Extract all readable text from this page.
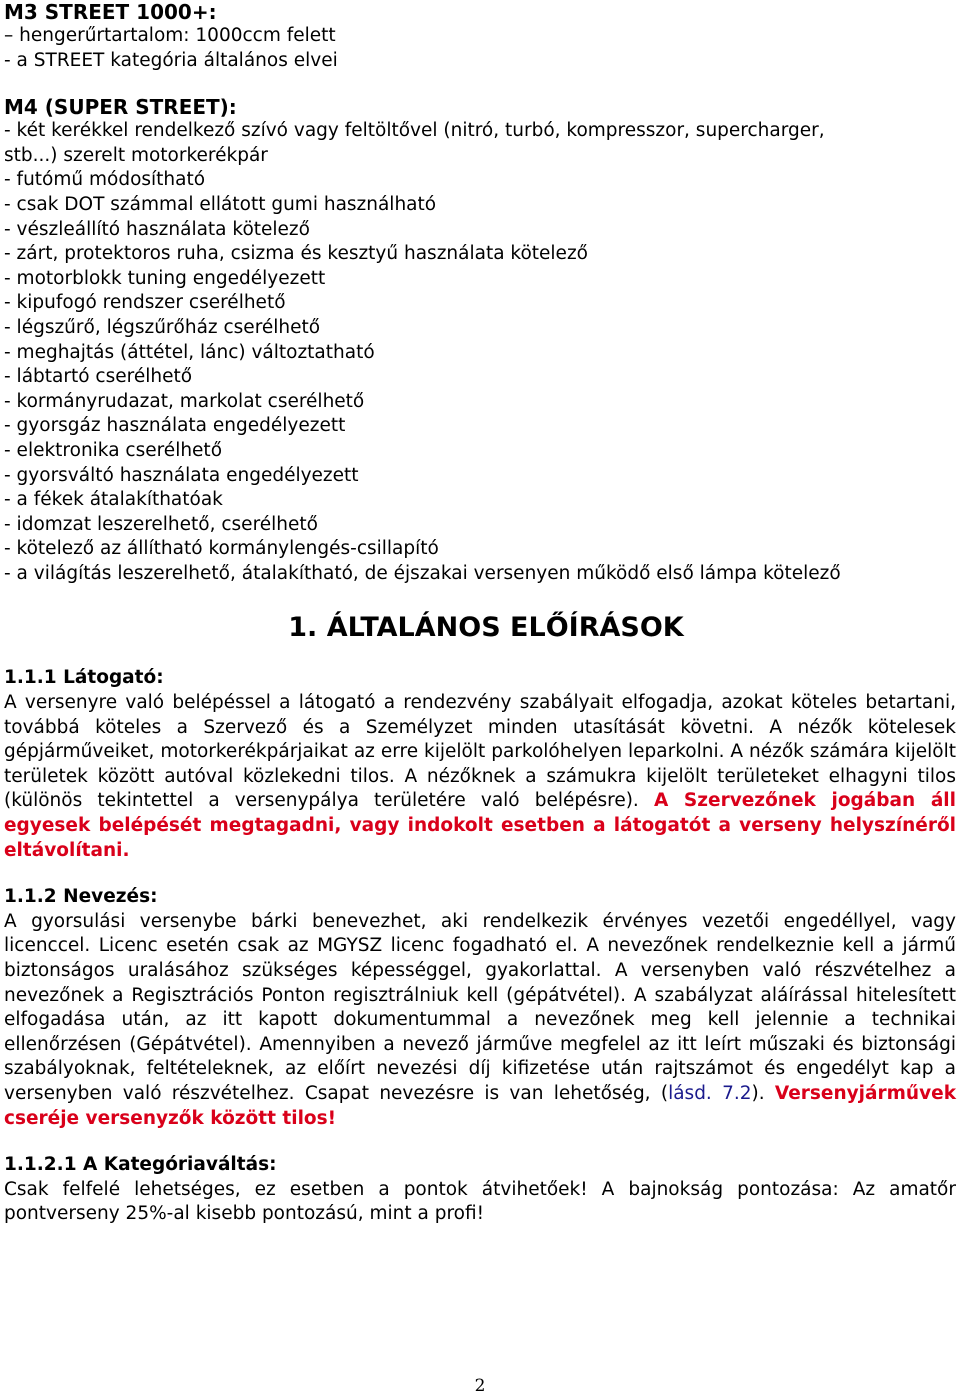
M3 STREET 1000+:
– hengerűrtartalom: 1000ccm felett
- a STREET kategória általános elvei
M4 (SUPER STREET):
- két kerékkel rendelkező szívó vagy feltöltővel (nitró, turbó, kompresszor, supercharger,
stb...) szerelt motorkerékpár
- futómű módosítható
- csak DOT számmal ellátott gumi használható
- vészleállító használata kötelező
- zárt, protektoros ruha, csizma és kesztyű használata kötelező
- motorblokk tuning engedélyezett
- kipufogó rendszer cserélhető
- légszűrő, légszűrőház cserélhető
- meghajtás (áttétel, lánc) változtatható
- lábtartó cserélhető
- kormányrudazat, markolat cserélhető
- gyorsgáz használata engedélyezett
- elektronika cserélhető
- gyorsváltó használata engedélyezett
- a fékek átalakíthatóak
- idomzat leszerelhető, cserélhető
- kötelező az állítható kormánylengés-csillapító
- a világítás leszerelhető, átalakítható, de éjszakai versenyen működő első lámpa kötelező
1. ÁLTALÁNOS ELŐÍRÁSOK
1.1.1 Látogató:
A versenyre való belépéssel a látogató a rendezvény szabályait elfogadja, azokat köteles betartani, továbbá köteles a Szervező és a Személyzet minden utasítását követni. A nézők kötelesek gépjárműveiket, motorkerékpárjaikat az erre kijelölt parkolóhelyen leparkolni. A nézők számára kijelölt területek között autóval közlekedni tilos. A nézőknek a számukra kijelölt területeket elhagyni tilos (különös tekintettel a versenypálya területére való belépésre). A Szervezőnek jogában áll egyesek belépését megtagadni, vagy indokolt esetben a látogatót a verseny helyszínéről eltávolítani.
1.1.2 Nevezés:
A gyorsulási versenybe bárki benevezhet, aki rendelkezik érvényes vezetői engedéllyel, vagy licenccel. Licenc esetén csak az MGYSZ licenc fogadható el. A nevezőnek rendelkeznie kell a jármű biztonságos uralásához szükséges képességgel, gyakorlattal. A versenyben való részvételhez a nevezőnek a Regisztrációs Ponton regisztrálniuk kell (gépátvétel). A szabályzat aláírással hitelesített elfogadása után, az itt kapott dokumentummal a nevezőnek meg kell jelennie a technikai ellenőrzésen (Gépátvétel). Amennyiben a nevező járműve megfelel az itt leírt műszaki és biztonsági szabályoknak, feltételeknek, az előírt nevezési díj kifizetése után rajtszámot és engedélyt kap a versenyben való részvételhez. Csapat nevezésre is van lehetőség, (lásd. 7.2). Versenyjárművek cseréje versenyzők között tilos!
1.1.2.1 A Kategóriaváltás:
Csak felfelé lehetséges, ez esetben a pontok átvihetőek! A bajnokság pontozása: Az amatőr pontverseny 25%-al kisebb pontozású, mint a profi!
2
